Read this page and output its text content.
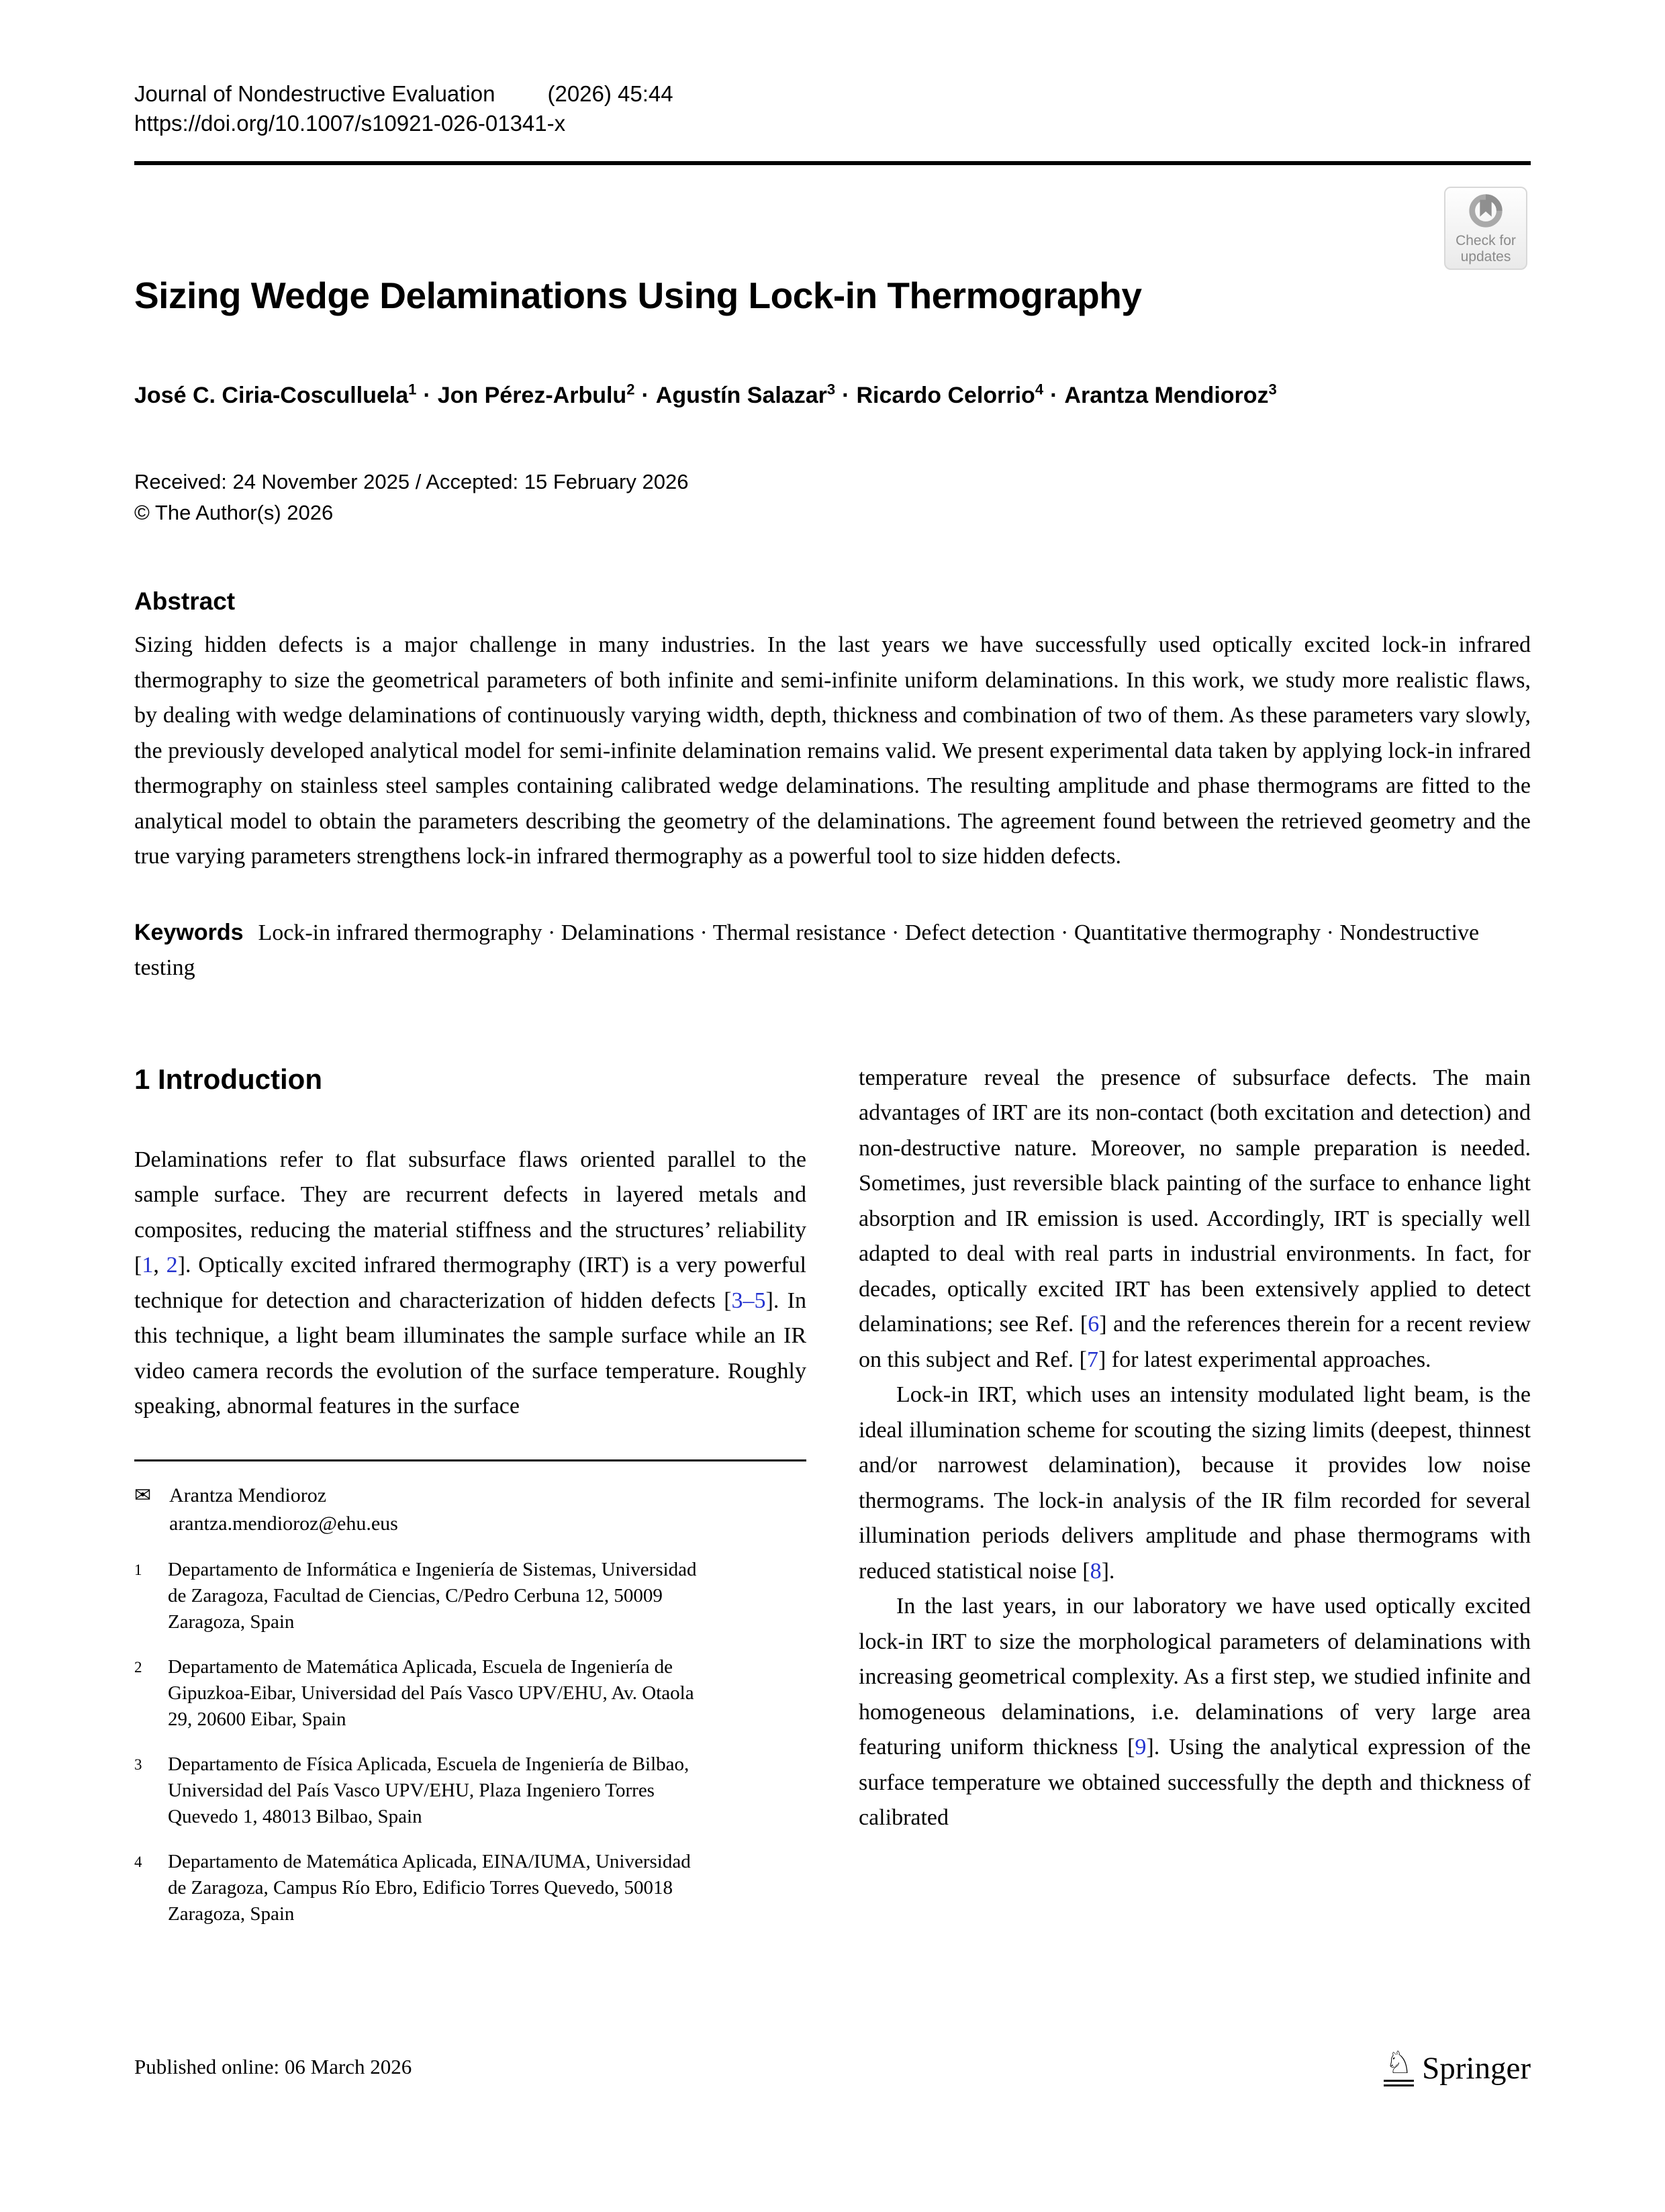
Journal of Nondestructive Evaluation (2026) 45:44
https://doi.org/10.1007/s10921-026-01341-x
Check for
updates
Sizing Wedge Delaminations Using Lock-in Thermography
José C. Ciria-Cosculluela$^1$ · Jon Pérez-Arbulu$^2$ · Agustín Salazar$^3$ · Ricardo Celorrio$^4$ · Arantza Mendioroz$^3$
Received: 24 November 2025 / Accepted: 15 February 2026
© The Author(s) 2026
Abstract
Sizing hidden defects is a major challenge in many industries. In the last years we have successfully used optically excited lock-in infrared thermography to size the geometrical parameters of both infinite and semi-infinite uniform delaminations. In this work, we study more realistic flaws, by dealing with wedge delaminations of continuously varying width, depth, thickness and combination of two of them. As these parameters vary slowly, the previously developed analytical model for semi-infinite delamination remains valid. We present experimental data taken by applying lock-in infrared thermography on stainless steel samples containing calibrated wedge delaminations. The resulting amplitude and phase thermograms are fitted to the analytical model to obtain the parameters describing the geometry of the delaminations. The agreement found between the retrieved geometry and the true varying parameters strengthens lock-in infrared thermography as a powerful tool to size hidden defects.
Keywords Lock-in infrared thermography · Delaminations · Thermal resistance · Defect detection · Quantitative thermography · Nondestructive testing
1 Introduction

Delaminations refer to flat subsurface flaws oriented parallel to the sample surface. They are recurrent defects in layered metals and composites, reducing the material stiffness and the structures’ reliability [1, 2]. Optically excited infrared thermography (IRT) is a very powerful technique for detection and characterization of hidden defects [3–5]. In this technique, a light beam illuminates the sample surface while an IR video camera records the evolution of the surface temperature. Roughly speaking, abnormal features in the surface

✉ Arantza Mendioroz
arantza.mendioroz@ehu.eus
1	Departamento de Informática e Ingeniería de Sistemas, Universidad de Zaragoza, Facultad de Ciencias, C/Pedro Cerbuna 12, 50009 Zaragoza, Spain
2	Departamento de Matemática Aplicada, Escuela de Ingeniería de Gipuzkoa-Eibar, Universidad del País Vasco UPV/EHU, Av. Otaola 29, 20600 Eibar, Spain
3	Departamento de Física Aplicada, Escuela de Ingeniería de Bilbao, Universidad del País Vasco UPV/EHU, Plaza Ingeniero Torres Quevedo 1, 48013 Bilbao, Spain
4	Departamento de Matemática Aplicada, EINA/IUMA, Universidad de Zaragoza, Campus Río Ebro, Edificio Torres Quevedo, 50018 Zaragoza, Spain

temperature reveal the presence of subsurface defects. The main advantages of IRT are its non-contact (both excitation and detection) and non-destructive nature. Moreover, no sample preparation is needed. Sometimes, just reversible black painting of the surface to enhance light absorption and IR emission is used. Accordingly, IRT is specially well adapted to deal with real parts in industrial environments. In fact, for decades, optically excited IRT has been extensively applied to detect delaminations; see Ref. [6] and the references therein for a recent review on this subject and Ref. [7] for latest experimental approaches.

Lock-in IRT, which uses an intensity modulated light beam, is the ideal illumination scheme for scouting the sizing limits (deepest, thinnest and/or narrowest delamination), because it provides low noise thermograms. The lock-in analysis of the IR film recorded for several illumination periods delivers amplitude and phase thermograms with reduced statistical noise [8].

In the last years, in our laboratory we have used optically excited lock-in IRT to size the morphological parameters of delaminations with increasing geometrical complexity. As a first step, we studied infinite and homogeneous delaminations, i.e. delaminations of very large area featuring uniform thickness [9]. Using the analytical expression of the surface temperature we obtained successfully the depth and thickness of calibrated

Published online: 06 March 2026	♘ Springer
